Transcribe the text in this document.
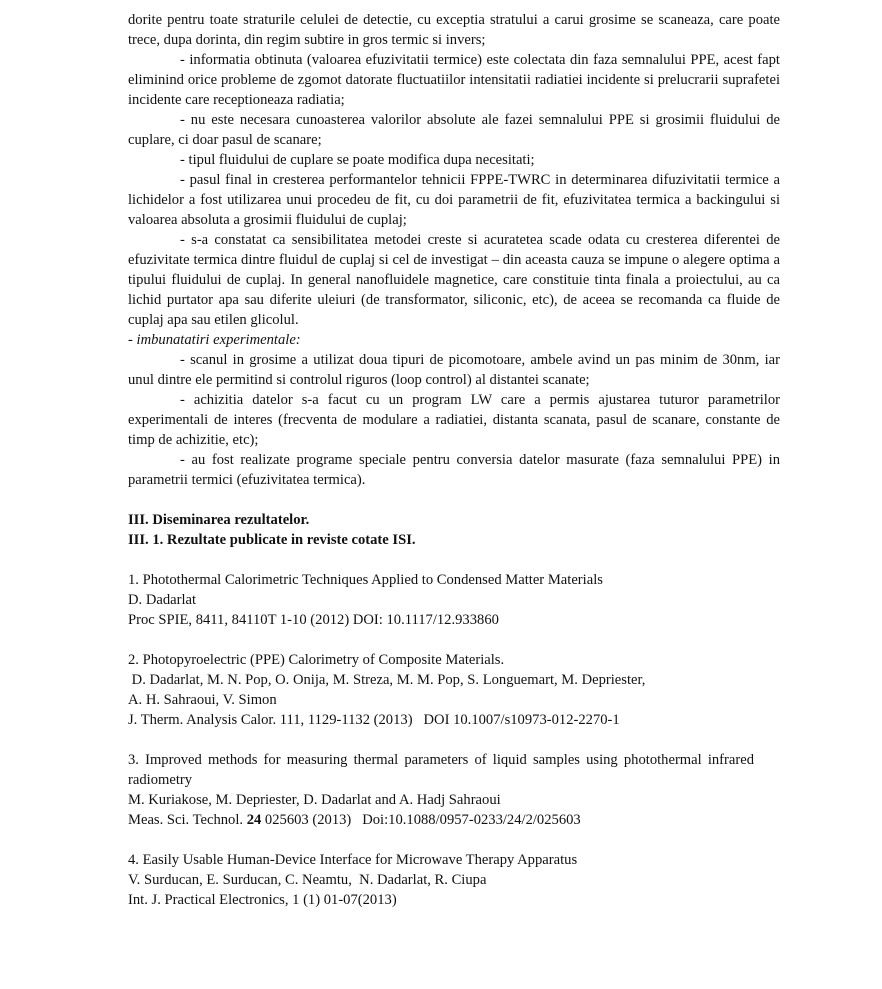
dorite pentru toate straturile celulei de detectie, cu exceptia stratului a carui grosime se scaneaza, care poate trece, dupa dorinta, din regim subtire in gros termic si invers;

- informatia obtinuta (valoarea efuzivitatii termice) este colectata din faza semnalului PPE, acest fapt eliminind orice probleme de zgomot datorate fluctuatiilor intensitatii radiatiei incidente si prelucrarii suprafetei incidente care receptioneaza radiatia;

- nu este necesara cunoasterea valorilor absolute ale fazei semnalului PPE si grosimii fluidului de cuplare, ci doar pasul de scanare;

- tipul fluidului de cuplare se poate modifica dupa necesitati;

- pasul final in cresterea performantelor tehnicii FPPE-TWRC in determinarea difuzivitatii termice a lichidelor a fost utilizarea unui procedeu de fit, cu doi parametrii de fit, efuzivitatea termica a backingului si valoarea absoluta a grosimii fluidului de cuplaj;

- s-a constatat ca sensibilitatea metodei creste si acuratetea scade odata cu cresterea diferentei de efuzivitate termica dintre fluidul de cuplaj si cel de investigat – din aceasta cauza se impune o alegere optima a tipului fluidului de cuplaj. In general nanofluidele magnetice, care constituie tinta finala a proiectului, au ca lichid purtator apa sau diferite uleiuri (de transformator, siliconic, etc), de aceea se recomanda ca fluide de cuplaj apa sau etilen glicolul.

- imbunatatiri experimentale:

- scanul in grosime a utilizat doua tipuri de picomotoare, ambele avind un pas minim de 30nm, iar unul dintre ele permitind si controlul riguros (loop control) al distantei scanate;

- achizitia datelor s-a facut cu un program LW care a permis ajustarea tuturor parametrilor experimentali de interes (frecventa de modulare a radiatiei, distanta scanata, pasul de scanare, constante de timp de achizitie, etc);

- au fost realizate programe speciale pentru conversia datelor masurate (faza semnalului PPE) in parametrii termici (efuzivitatea termica).

III. Diseminarea rezultatelor.

III. 1. Rezultate publicate in reviste cotate ISI.

1. Photothermal Calorimetric Techniques Applied to Condensed Matter Materials

D. Dadarlat

Proc SPIE, 8411, 84110T 1-10 (2012) DOI: 10.1117/12.933860

2. Photopyroelectric (PPE) Calorimetry of Composite Materials.

D. Dadarlat, M. N. Pop, O. Onija, M. Streza, M. M. Pop, S. Longuemart, M. Depriester,

A. H. Sahraoui, V. Simon

J. Therm. Analysis Calor. 111, 1129-1132 (2013)   DOI 10.1007/s10973-012-2270-1

3. Improved methods for measuring thermal parameters of liquid samples using photothermal infrared radiometry

M. Kuriakose, M. Depriester, D. Dadarlat and A. Hadj Sahraoui

Meas. Sci. Technol. 24 025603 (2013)   Doi:10.1088/0957-0233/24/2/025603

4. Easily Usable Human-Device Interface for Microwave Therapy Apparatus

V. Surducan, E. Surducan, C. Neamtu,  N. Dadarlat, R. Ciupa

Int. J. Practical Electronics, 1 (1) 01-07(2013)
